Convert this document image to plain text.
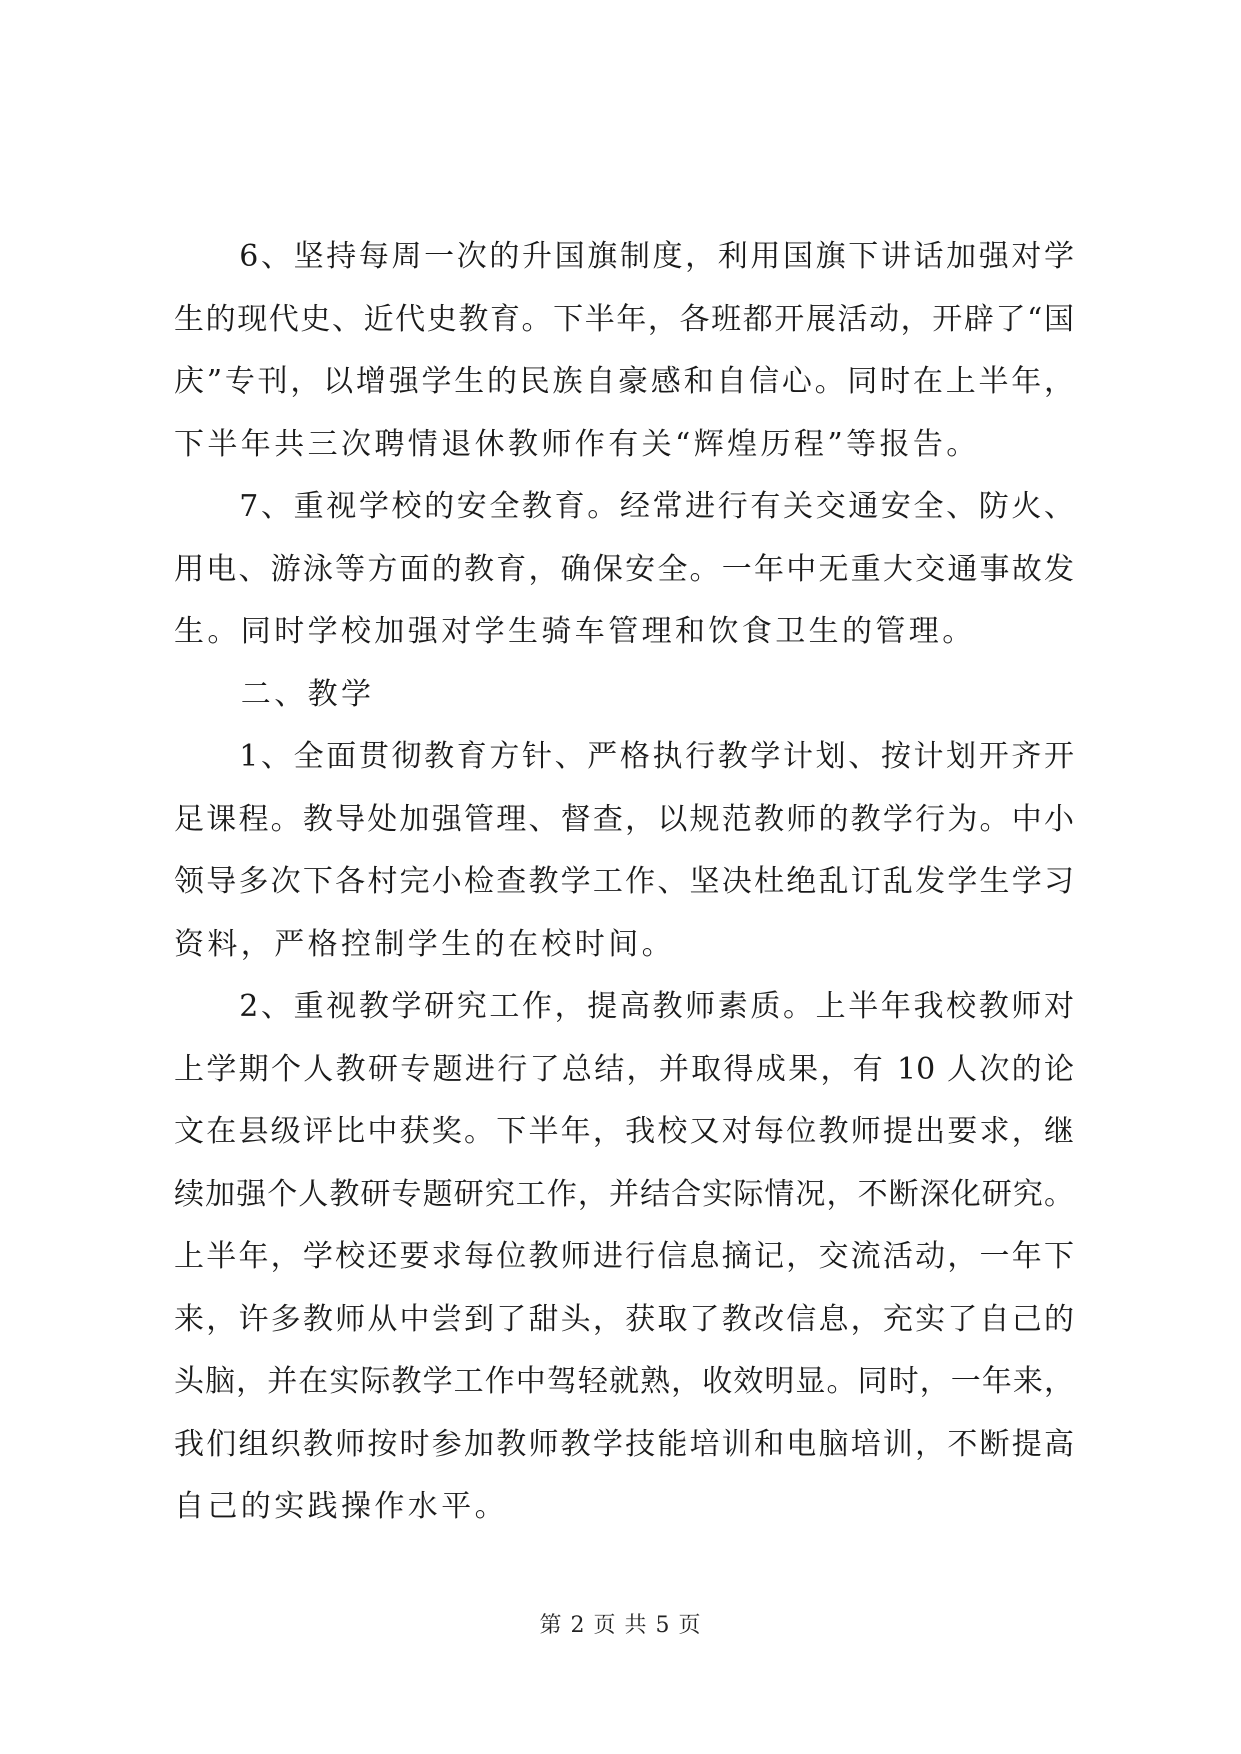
　　6、坚持每周一次的升国旗制度，利用国旗下讲话加强对学
生的现代史、近代史教育。下半年，各班都开展活动，开辟了“国
庆”专刊，以增强学生的民族自豪感和自信心。同时在上半年，
下半年共三次聘情退休教师作有关“辉煌历程”等报告。
　　7、重视学校的安全教育。经常进行有关交通安全、防火、
用电、游泳等方面的教育，确保安全。一年中无重大交通事故发
生。同时学校加强对学生骑车管理和饮食卫生的管理。
　　二、教学
　　1、全面贯彻教育方针、严格执行教学计划、按计划开齐开
足课程。教导处加强管理、督查，以规范教师的教学行为。中小
领导多次下各村完小检查教学工作、坚决杜绝乱订乱发学生学习
资料，严格控制学生的在校时间。
　　2、重视教学研究工作，提高教师素质。上半年我校教师对
上学期个人教研专题进行了总结，并取得成果，有 10 人次的论
文在县级评比中获奖。下半年，我校又对每位教师提出要求，继
续加强个人教研专题研究工作，并结合实际情况，不断深化研究。
上半年，学校还要求每位教师进行信息摘记，交流活动，一年下
来，许多教师从中尝到了甜头，获取了教改信息，充实了自己的
头脑，并在实际教学工作中驾轻就熟，收效明显。同时，一年来，
我们组织教师按时参加教师教学技能培训和电脑培训，不断提高
自己的实践操作水平。
第 2 页 共 5 页
